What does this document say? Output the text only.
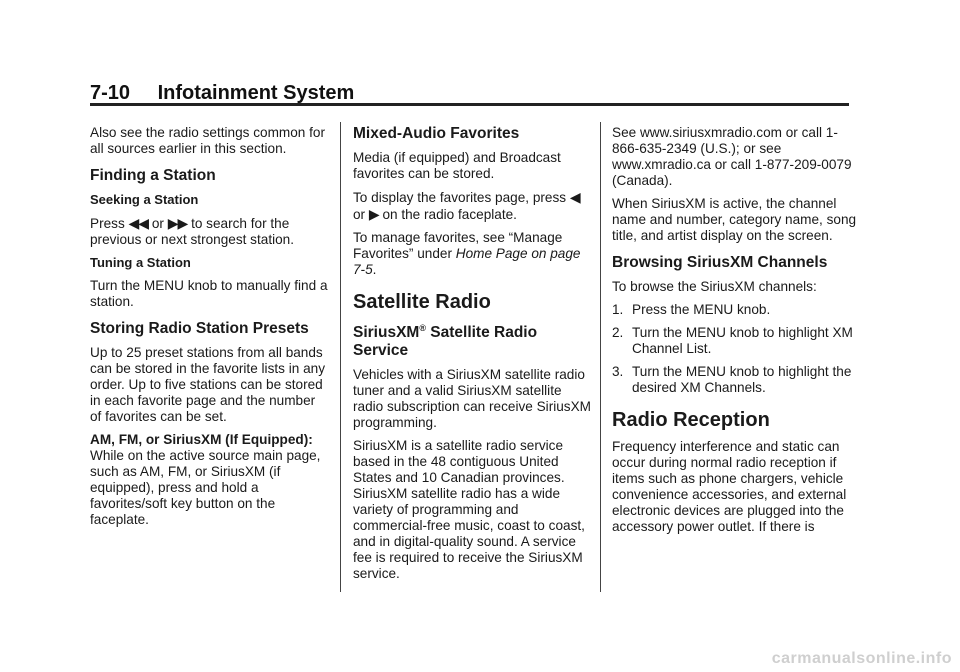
7-10 Infotainment System

Also see the radio settings common for all sources earlier in this section.

Finding a Station
Seeking a Station

Press ◀◀ or ▶▶ to search for the previous or next strongest station.

Tuning a Station

Turn the MENU knob to manually find a station.

Storing Radio Station Presets

Up to 25 preset stations from all bands can be stored in the favorite lists in any order. Up to five stations can be stored in each favorite page and the number of favorites can be set.

AM, FM, or SiriusXM (If Equipped): While on the active source main page, such as AM, FM, or SiriusXM (if equipped), press and hold a favorites/soft key button on the faceplate.

Mixed-Audio Favorites

Media (if equipped) and Broadcast favorites can be stored.

To display the favorites page, press ◀ or ▶ on the radio faceplate.

To manage favorites, see “Manage Favorites” under Home Page on page 7-5.

Satellite Radio
SiriusXM® Satellite Radio Service

Vehicles with a SiriusXM satellite radio tuner and a valid SiriusXM satellite radio subscription can receive SiriusXM programming.

SiriusXM is a satellite radio service based in the 48 contiguous United States and 10 Canadian provinces. SiriusXM satellite radio has a wide variety of programming and commercial-free music, coast to coast, and in digital-quality sound. A service fee is required to receive the SiriusXM service.

See www.siriusxmradio.com or call 1-866-635-2349 (U.S.); or see www.xmradio.ca or call 1-877-209-0079 (Canada).

When SiriusXM is active, the channel name and number, category name, song title, and artist display on the screen.

Browsing SiriusXM Channels

To browse the SiriusXM channels:

1. Press the MENU knob.
2. Turn the MENU knob to highlight XM Channel List.
3. Turn the MENU knob to highlight the desired XM Channels.
Radio Reception

Frequency interference and static can occur during normal radio reception if items such as phone chargers, vehicle convenience accessories, and external electronic devices are plugged into the accessory power outlet. If there is

carmanualsonline.info
